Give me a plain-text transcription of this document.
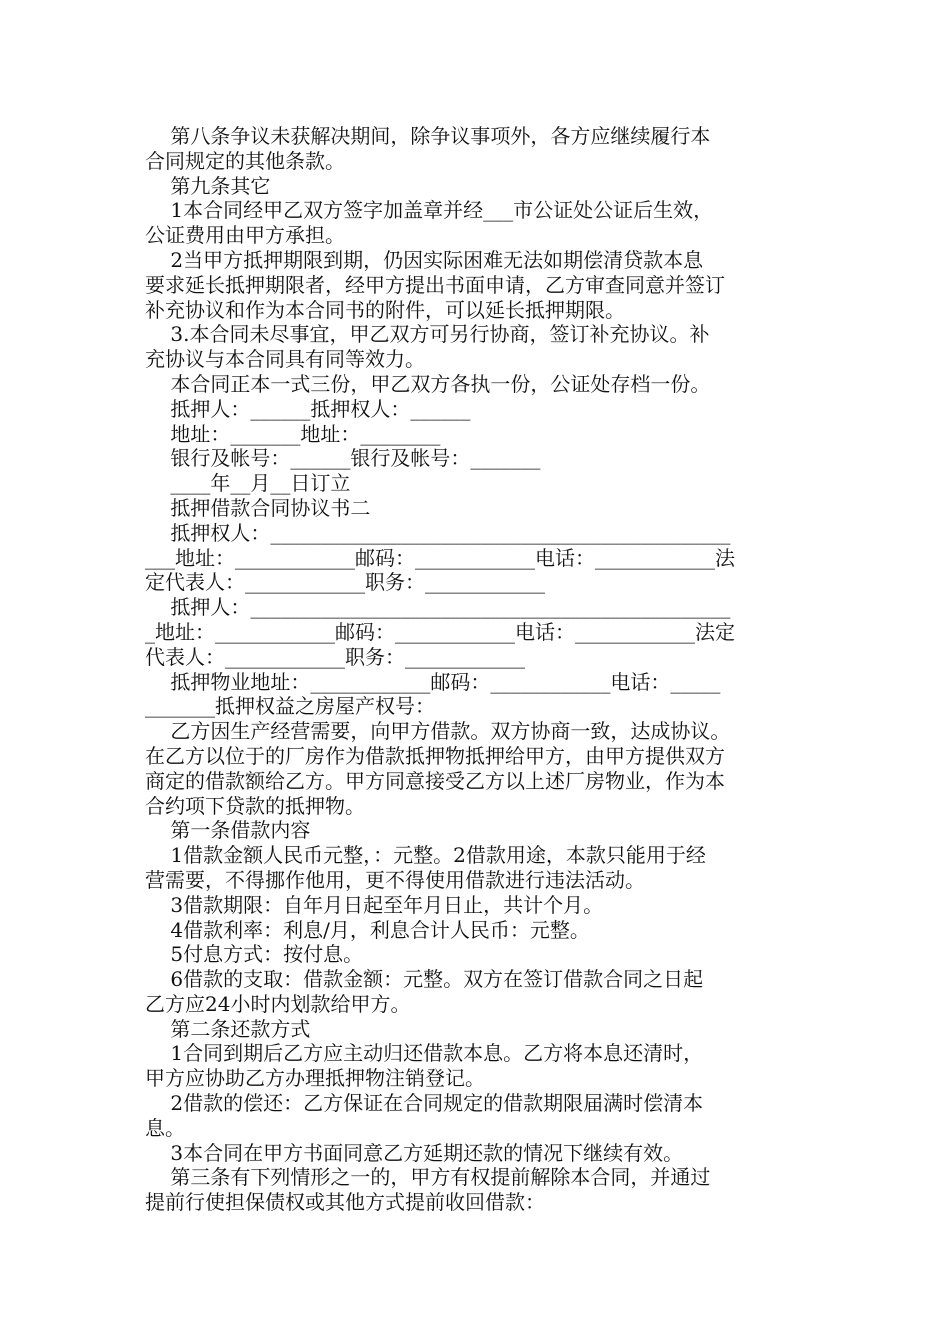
第八条争议未获解决期间，除争议事项外，各方应继续履行本
合同规定的其他条款。
第九条其它
1本合同经甲乙双方签字加盖章并经___市公证处公证后生效，
公证费用由甲方承担。
2当甲方抵押期限到期，仍因实际困难无法如期偿清贷款本息
要求延长抵押期限者，经甲方提出书面申请，乙方审查同意并签订
补充协议和作为本合同书的附件，可以延长抵押期限。
3.本合同未尽事宜，甲乙双方可另行协商，签订补充协议。补
充协议与本合同具有同等效力。
本合同正本一式三份，甲乙双方各执一份，公证处存档一份。
抵押人：______抵押权人：______
地址：_______地址：________
银行及帐号：______银行及帐号：_______
____年__月__日订立
抵押借款合同协议书二
抵押权人：______________________________________________
___地址：____________邮码：____________电话：____________法
定代表人：____________职务：____________
抵押人：________________________________________________
_地址：____________邮码：____________电话：____________法定
代表人：____________职务：____________
抵押物业地址：____________邮码：____________电话：_____
_______抵押权益之房屋产权号：
乙方因生产经营需要，向甲方借款。双方协商一致，达成协议。
在乙方以位于的厂房作为借款抵押物抵押给甲方，由甲方提供双方
商定的借款额给乙方。甲方同意接受乙方以上述厂房物业，作为本
合约项下贷款的抵押物。
第一条借款内容
1借款金额人民币元整，：元整。2借款用途，本款只能用于经
营需要，不得挪作他用，更不得使用借款进行违法活动。
3借款期限：自年月日起至年月日止，共计个月。
4借款利率：利息/月，利息合计人民币：元整。
5付息方式：按付息。
6借款的支取：借款金额：元整。双方在签订借款合同之日起
乙方应24小时内划款给甲方。
第二条还款方式
1合同到期后乙方应主动归还借款本息。乙方将本息还清时，
甲方应协助乙方办理抵押物注销登记。
2借款的偿还：乙方保证在合同规定的借款期限届满时偿清本
息。
3本合同在甲方书面同意乙方延期还款的情况下继续有效。
第三条有下列情形之一的，甲方有权提前解除本合同，并通过
提前行使担保债权或其他方式提前收回借款：
